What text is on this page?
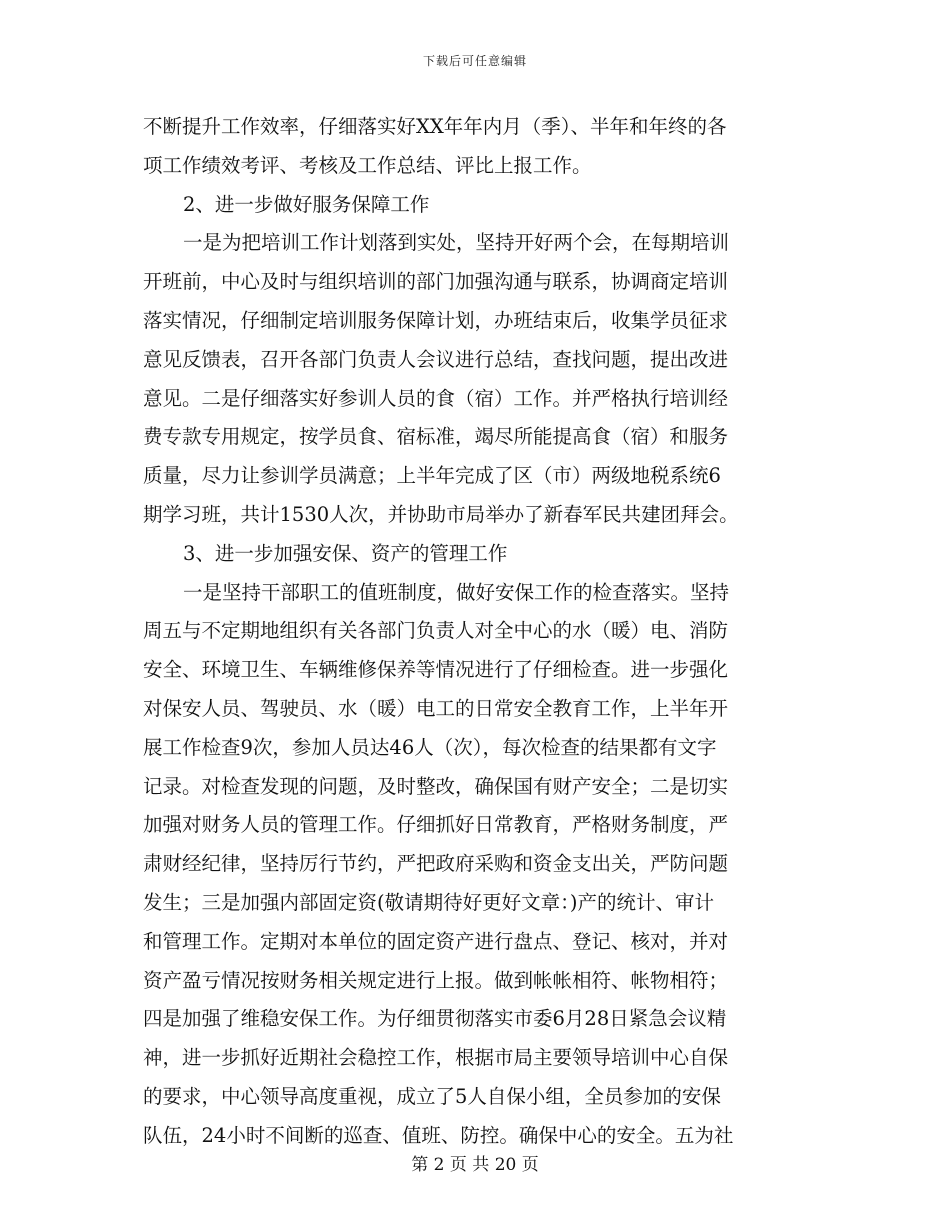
下载后可任意编辑
不断提升工作效率，仔细落实好XX年年内月（季）、半年和年终的各
项工作绩效考评、考核及工作总结、评比上报工作。
2、进一步做好服务保障工作
一是为把培训工作计划落到实处，坚持开好两个会，在每期培训
开班前，中心及时与组织培训的部门加强沟通与联系，协调商定培训
落实情况，仔细制定培训服务保障计划，办班结束后，收集学员征求
意见反馈表，召开各部门负责人会议进行总结，查找问题，提出改进
意见。二是仔细落实好参训人员的食（宿）工作。并严格执行培训经
费专款专用规定，按学员食、宿标准，竭尽所能提高食（宿）和服务
质量，尽力让参训学员满意；上半年完成了区（市）两级地税系统6
期学习班，共计1530人次，并协助市局举办了新春军民共建团拜会。
3、进一步加强安保、资产的管理工作
一是坚持干部职工的值班制度，做好安保工作的检查落实。坚持
周五与不定期地组织有关各部门负责人对全中心的水（暖）电、消防
安全、环境卫生、车辆维修保养等情况进行了仔细检查。进一步强化
对保安人员、驾驶员、水（暖）电工的日常安全教育工作，上半年开
展工作检查9次，参加人员达46人（次），每次检查的结果都有文字
记录。对检查发现的问题，及时整改，确保国有财产安全；二是切实
加强对财务人员的管理工作。仔细抓好日常教育，严格财务制度，严
肃财经纪律，坚持厉行节约，严把政府采购和资金支出关，严防问题
发生；三是加强内部固定资(敬请期待好更好文章：)产的统计、审计
和管理工作。定期对本单位的固定资产进行盘点、登记、核对，并对
资产盈亏情况按财务相关规定进行上报。做到帐帐相符、帐物相符；
四是加强了维稳安保工作。为仔细贯彻落实市委6月28日紧急会议精
神，进一步抓好近期社会稳控工作，根据市局主要领导培训中心自保
的要求，中心领导高度重视，成立了5人自保小组，全员参加的安保
队伍，24小时不间断的巡查、值班、防控。确保中心的安全。五为社
第 2 页 共 20 页
